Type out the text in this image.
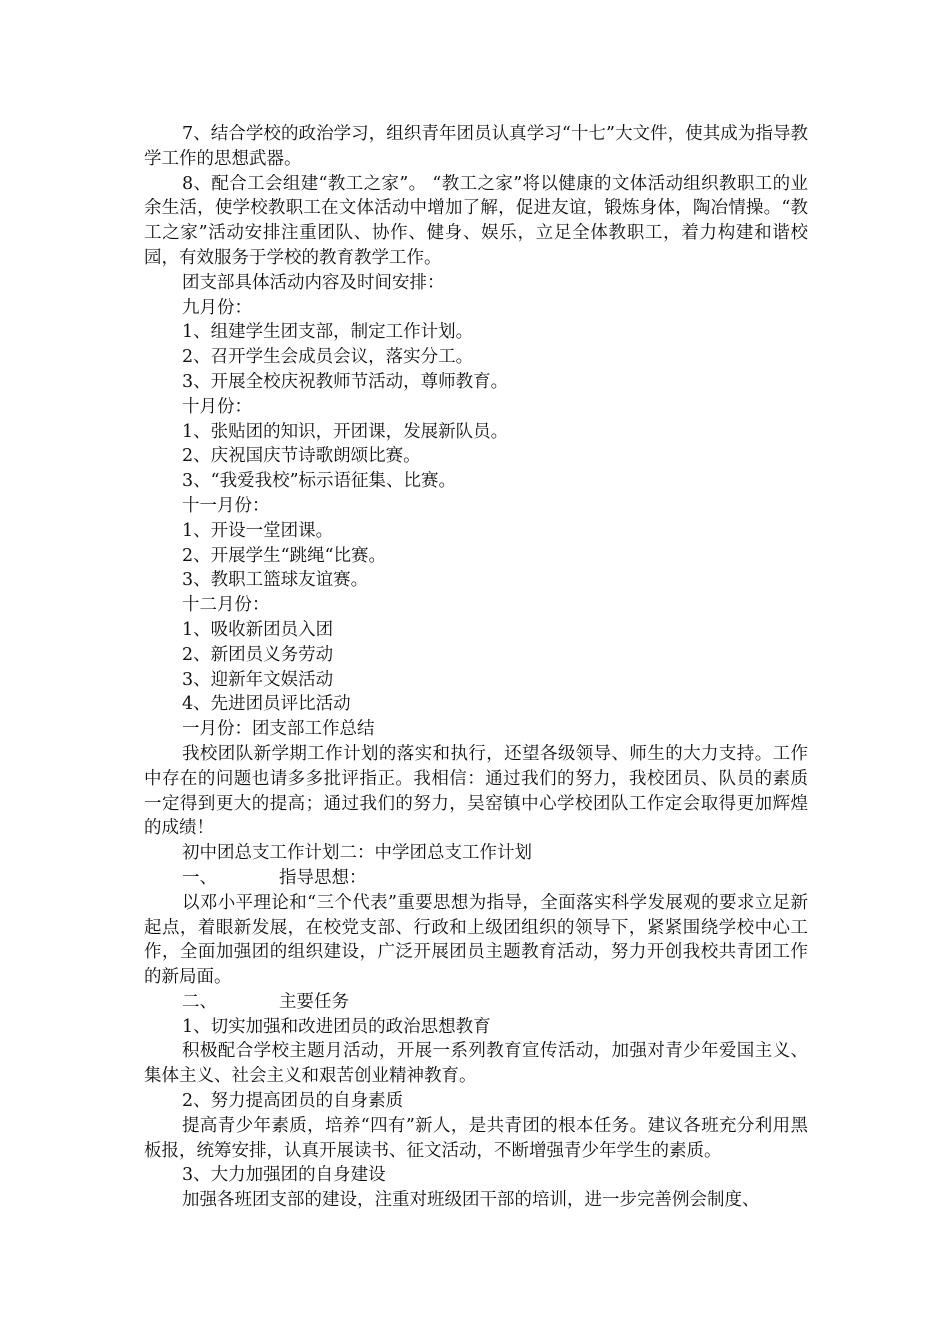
7、结合学校的政治学习，组织青年团员认真学习“十七”大文件，使其成为指导教学工作的思想武器。

8、配合工会组建“教工之家”。 “教工之家”将以健康的文体活动组织教职工的业余生活，使学校教职工在文体活动中增加了解，促进友谊，锻炼身体，陶冶情操。“教工之家”活动安排注重团队、协作、健身、娱乐，立足全体教职工，着力构建和谐校园，有效服务于学校的教育教学工作。

团支部具体活动内容及时间安排：

九月份：

1、组建学生团支部，制定工作计划。

2、召开学生会成员会议，落实分工。

3、开展全校庆祝教师节活动，尊师教育。

十月份：

1、张贴团的知识，开团课，发展新队员。

2、庆祝国庆节诗歌朗颂比赛。

3、“我爱我校”标示语征集、比赛。

十一月份：

1、开设一堂团课。

2、开展学生“跳绳“比赛。

3、教职工篮球友谊赛。

十二月份：

1、吸收新团员入团

2、新团员义务劳动

3、迎新年文娱活动

4、先进团员评比活动

一月份：团支部工作总结

我校团队新学期工作计划的落实和执行，还望各级领导、师生的大力支持。工作中存在的问题也请多多批评指正。我相信：通过我们的努力，我校团员、队员的素质一定得到更大的提高；通过我们的努力，吴窑镇中心学校团队工作定会取得更加辉煌的成绩！

初中团总支工作计划二：中学团总支工作计划

一、	指导思想：

以邓小平理论和“三个代表”重要思想为指导，全面落实科学发展观的要求立足新起点，着眼新发展，在校党支部、行政和上级团组织的领导下，紧紧围绕学校中心工作，全面加强团的组织建设，广泛开展团员主题教育活动，努力开创我校共青团工作的新局面。

二、	主要任务

1、切实加强和改进团员的政治思想教育

积极配合学校主题月活动，开展一系列教育宣传活动，加强对青少年爱国主义、集体主义、社会主义和艰苦创业精神教育。

2、努力提高团员的自身素质

提高青少年素质，培养“四有”新人，是共青团的根本任务。建议各班充分利用黑板报，统筹安排，认真开展读书、征文活动，不断增强青少年学生的素质。

3、大力加强团的自身建设

加强各班团支部的建设，注重对班级团干部的培训，进一步完善例会制度、
